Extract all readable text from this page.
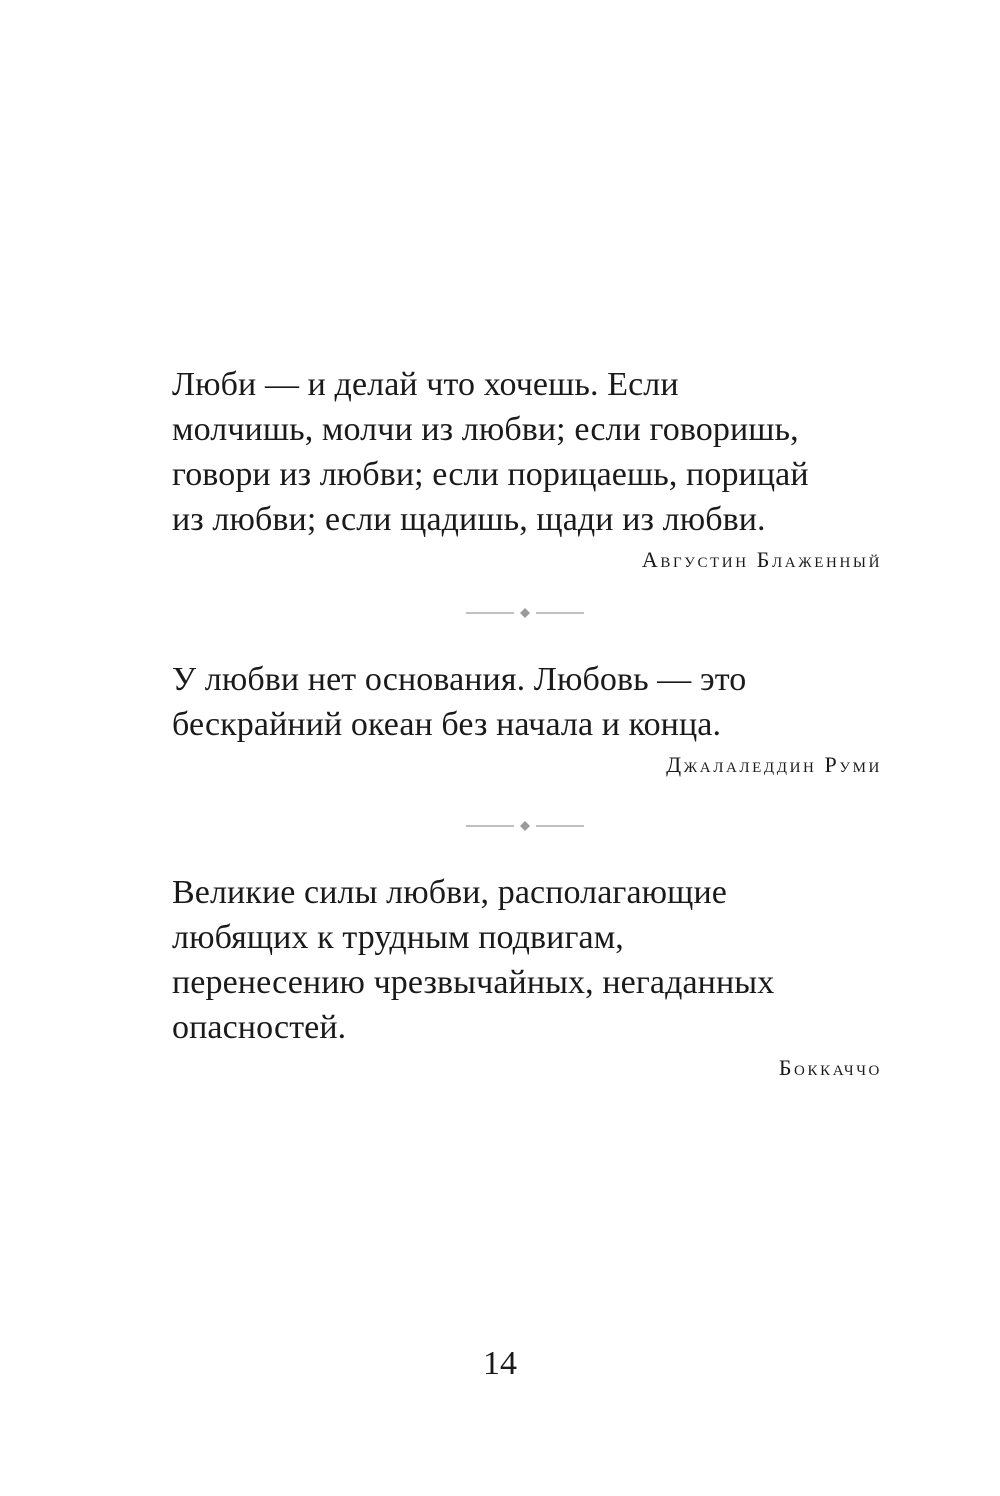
Люби — и делай что хочешь. Если
молчишь, молчи из любви; если говоришь,
говори из любви; если порицаешь, порицай
из любви; если щадишь, щади из любви.

Августин Блаженный

У любви нет основания. Любовь — это
бескрайний океан без начала и конца.

Джалаледдин Руми

Великие силы любви, располагающие
любящих к трудным подвигам,
перенесению чрезвычайных, негаданных
опасностей.

Боккаччо

14
